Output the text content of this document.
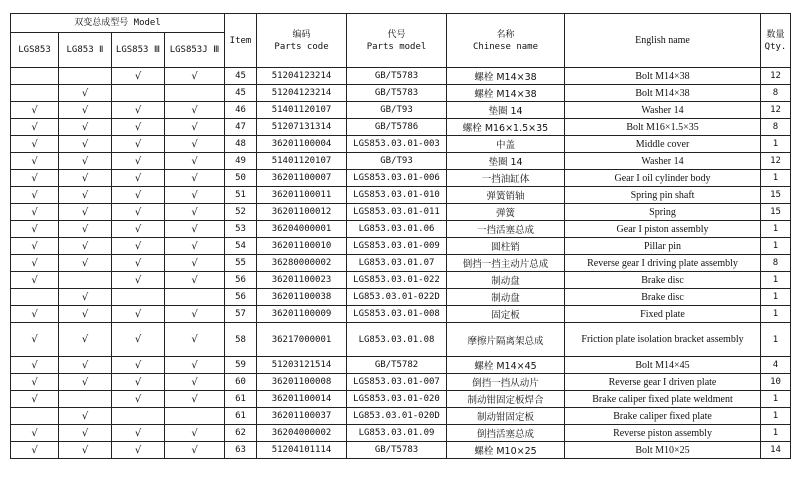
双变总成型号 Model				Item	编码
Parts code	代号
Parts model	名称
Chinese name	English name	数量
Qty.

LGS853	LG853 Ⅱ	LGS853 Ⅲ	LGS853J Ⅲ						
		√	√	45	51204123214	GB/T5783	螺栓 M14×38	Bolt M14×38	12
	√			45	51204123214	GB/T5783	螺栓 M14×38	Bolt M14×38	8
√	√	√	√	46	51401120107	GB/T93	垫圈 14	Washer 14	12
√	√	√	√	47	51207131314	GB/T5786	螺栓 M16×1.5×35	Bolt M16×1.5×35	8
√	√	√	√	48	36201100004	LGS853.03.01-003	中盖	Middle cover	1
√	√	√	√	49	51401120107	GB/T93	垫圈 14	Washer 14	12
√	√	√	√	50	36201100007	LGS853.03.01-006	一挡油缸体	Gear I oil cylinder body	1
√	√	√	√	51	36201100011	LGS853.03.01-010	弹簧销轴	Spring pin shaft	15
√	√	√	√	52	36201100012	LGS853.03.01-011	弹簧	Spring	15
√	√	√	√	53	36204000001	LG853.03.01.06	一挡活塞总成	Gear I piston assembly	1
√	√	√	√	54	36201100010	LGS853.03.01-009	圆柱销	Pillar pin	1
√	√	√	√	55	36280000002	LG853.03.01.07	倒挡一挡主动片总成	Reverse gear I driving plate assembly	8
√		√	√	56	36201100023	LGS853.03.01-022	制动盘	Brake disc	1
	√			56	36201100038	LG853.03.01-022D	制动盘	Brake disc	1
√	√	√	√	57	36201100009	LGS853.03.01-008	固定板	Fixed plate	1
√	√	√	√	58	36217000001	LG853.03.01.08	摩擦片隔离架总成	Friction plate isolation bracket assembly	1
√	√	√	√	59	51203121514	GB/T5782	螺栓 M14×45	Bolt M14×45	4
√	√	√	√	60	36201100008	LGS853.03.01-007	倒挡一挡从动片	Reverse gear I driven plate	10
√		√	√	61	36201100014	LGS853.03.01-020	制动钳固定板焊合	Brake caliper fixed plate weldment	1
	√			61	36201100037	LG853.03.01-020D	制动钳固定板	Brake caliper fixed plate	1
√	√	√	√	62	36204000002	LG853.03.01.09	倒挡活塞总成	Reverse piston assembly	1
√	√	√	√	63	51204101114	GB/T5783	螺栓 M10×25	Bolt M10×25	14
